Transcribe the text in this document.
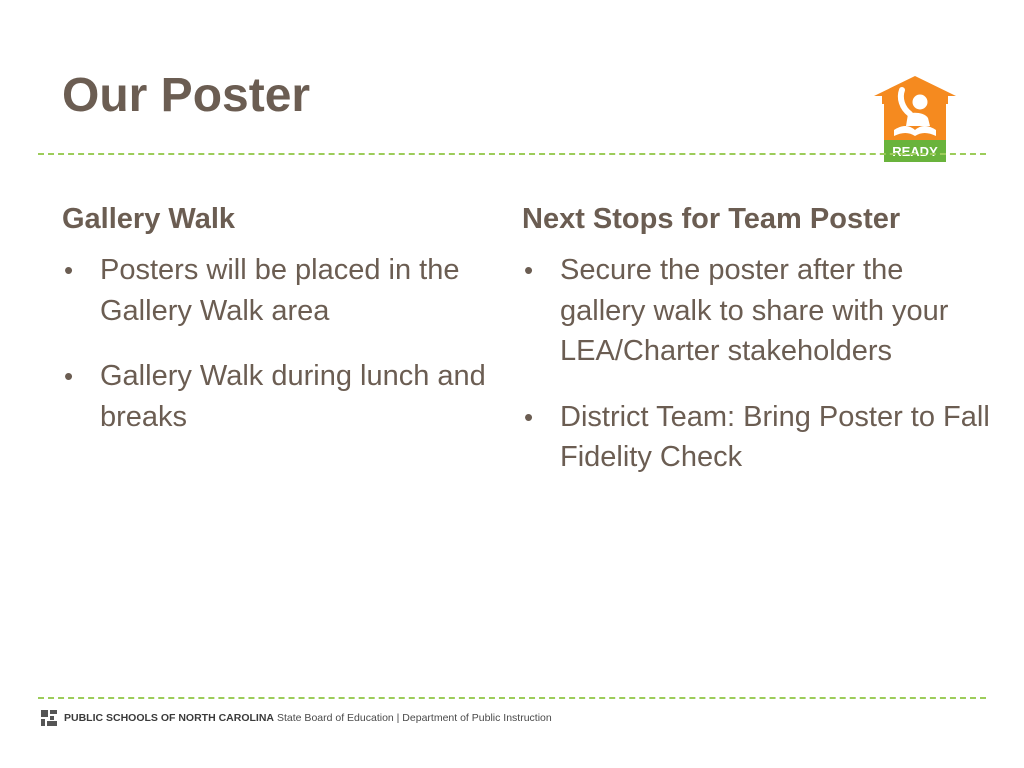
Our Poster
READY
Gallery Walk
• Posters will be placed in the Gallery Walk area
• Gallery Walk during lunch and breaks
Next Stops for Team Poster
• Secure the poster after the gallery walk to share with your LEA/Charter stakeholders
• District Team: Bring Poster to Fall Fidelity Check
PUBLIC SCHOOLS OF NORTH CAROLINA State Board of Education | Department of Public Instruction
